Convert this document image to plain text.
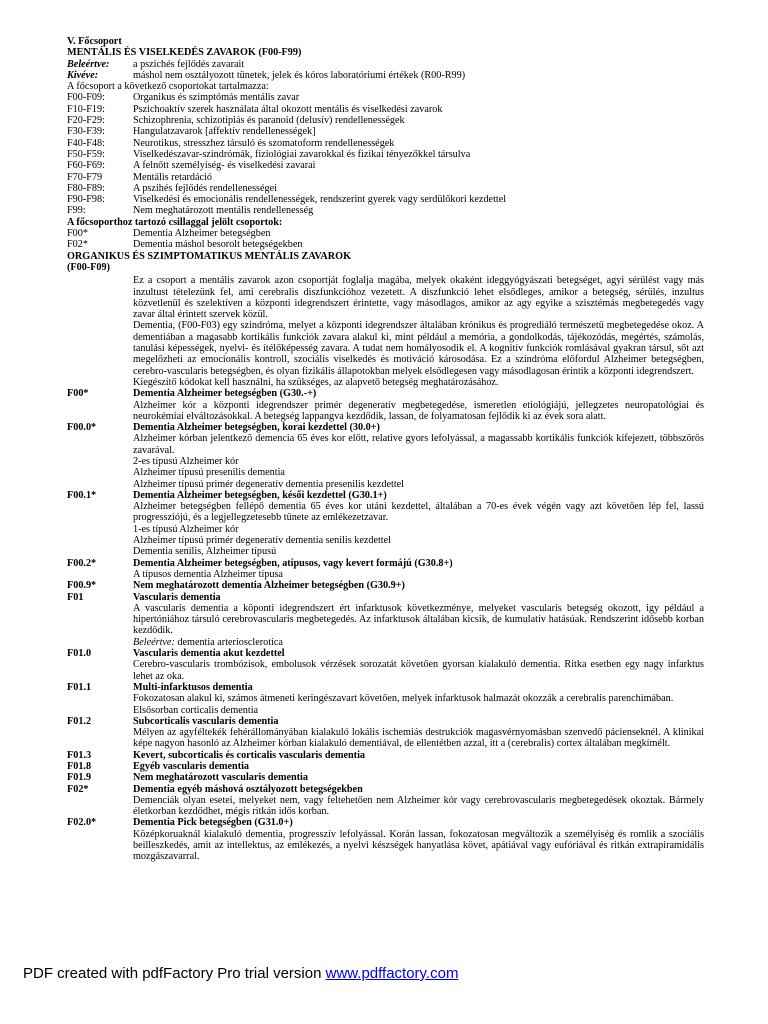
V. Főcsoport
MENTÁLIS ÉS VISELKEDÉS ZAVAROK (F00-F99)
Beleértve:	a pszichés fejlődés zavarait
Kivéve:	máshol nem osztályozott tünetek, jelek és kóros laboratóriumi értékek (R00-R99)
A főcsoport a következő csoportokat tartalmazza:
F00-F09:	Organikus és szimptómás mentális zavar
F10-F19:	Pszichoaktív szerek használata által okozott mentális és viselkedési zavarok
F20-F29:	Schizophrenia, schizotipiás és paranoid (delusív) rendellenességek
F30-F39:	Hangulatzavarok [affektív rendellenességek]
F40-F48:	Neurotikus, stresszhez társuló és szomatoform rendellenességek
F50-F59:	Viselkedészavar-szindrómák, fiziológiai zavarokkal és fizikai tényezőkkel társulva
F60-F69:	A felnőtt személyiség- és viselkedési zavarai
F70-F79	Mentális retardáció
F80-F89:	A pszihés fejlődés rendellenességei
F90-F98:	Viselkedési és emocionális rendellenességek, rendszerint gyerek vagy serdülőkori kezdettel
F99:	Nem meghatározott mentális rendellenesség
A főcsoporthoz tartozó csillaggal jelölt csoportok:
F00*	Dementia Alzheimer betegségben
F02*	Dementia máshol besorolt betegségekben
ORGANIKUS ÉS SZIMPTOMATIKUS MENTÁLIS ZAVAROK
(F00-F09)
Ez a csoport a mentális zavarok azon csoportját foglalja magába, melyek okaként ideggyógyászati betegséget, agyi sérülést vagy más inzultust tételezünk fel, ami cerebralis diszfunkcióhoz vezetett. A diszfunkció lehet elsődleges, amikor a betegség, sérülés, inzultus közvetlenül és szelektíven a központi idegrendszert érintette, vagy másodlagos, amikor az agy egyike a szisztémás megbetegedés vagy zavar által érintett szervek közül.
Dementia, (F00-F03) egy szindróma, melyet a központi idegrendszer általában krónikus és progrediáló természetű megbetegedése okoz. A dementiában a magasabb kortikális funkciók zavara alakul ki, mint például a memória, a gondolkodás, tájékozódás, megértés, számolás, tanulási képességek, nyelvi- és ítélőképesség zavara. A tudat nem homályosodik el. A kognitív funkciók romlásával gyakran társul, sőt azt megelőzheti az emocionális kontroll, szociális viselkedés és motiváció károsodása. Ez a szindróma előfordul Alzheimer betegségben, cerebro-vascularis betegségben, és olyan fizikális állapotokban melyek elsődlegesen vagy másodlagosan érintik a központi idegrendszert.
Kiegészítő kódokat kell használni, ha szükséges, az alapvető betegség meghatározásához.
F00*	Dementia Alzheimer betegségben (G30.-+)
Alzheimer kór a központi idegrendszer primér degeneratív megbetegedése, ismeretlen etiológiájú, jellegzetes neuropatológiai és neurokémiai elváltozásokkal. A betegség lappangva kezdődik, lassan, de folyamatosan fejlődik ki az évek sora alatt.
F00.0*	Dementia Alzheimer betegségben, korai kezdettel (30.0+)
Alzheimer kórban jelentkező demencia 65 éves kor előtt, relative gyors lefolyással, a magassabb kortikális funkciók kifejezett, többszörös zavarával.
2-es típusú Alzheimer kór
Alzheimer típusú presenilis dementia
Alzheimer típusú primér degeneratív dementia presenilis kezdettel
F00.1*	Dementia Alzheimer betegségben, késői kezdettel (G30.1+)
Alzheimer betegségben fellépő dementia 65 éves kor utáni kezdettel, általában a 70-es évek végén vagy azt követően lép fel, lassú progressziójú, és a legjellegzetesebb tünete az emlékezetzavar.
1-es típusú Alzheimer kór
Alzheimer típusú primér degeneratív dementia senilis kezdettel
Dementia senilis, Alzheimer típusú
F00.2*	Dementia Alzheimer betegségben, atípusos, vagy kevert formájú (G30.8+)
A típusos dementia Alzheimer típusa
F00.9*	Nem meghatározott dementia Alzheimer betegségben (G30.9+)
F01	Vascularis dementia
A vascularis dementia a köponti idegrendszert ért infarktusok következménye, melyeket vascularis betegség okozott, igy például a hipertóniához társuló cerebrovascularis megbetegedés. Az infarktusok általában kicsik, de kumulatív hatásúak. Rendszerint idősebb korban kezdődik.
Beleértve: dementia arteriosclerotica
F01.0	Vascularis dementia akut kezdettel
Cerebro-vascularis trombózisok, embolusok vérzések sorozatát követően gyorsan kialakuló dementia. Ritka esetben egy nagy infarktus lehet az oka.
F01.1	Multi-infarktusos dementia
Fokozatosan alakul ki, számos átmeneti keringészavart követően, melyek infarktusok halmazát okozzák a cerebralis parenchimában.
Elsősorban corticalis dementia
F01.2	Subcorticalis vascularis dementia
Mélyen az agyféltekék fehérállományában kialakuló lokális ischemiás destrukciók magasvérnyomásban szenvedő pácienseknél. A klinikai képe nagyon hasonló az Alzheimer kórban kialakuló dementiával, de ellentétben azzal, itt a (cerebralis) cortex általában megkímélt.
F01.3	Kevert, subcorticalis és corticalis vascularis dementia
F01.8	Egyéb vascularis dementia
F01.9	Nem meghatározott vascularis dementia
F02*	Dementia egyéb máshová osztályozott betegségekben
Demenciák olyan esetei, melyeket nem, vagy feltehetően nem Alzheimer kór vagy cerebrovascularis megbetegedések okoztak. Bármely életkorban kezdődhet, mégis ritkán idős korban.
F02.0*	Dementia Pick betegségben (G31.0+)
Középkoruaknál kialakuló dementia, progresszív lefolyással. Korán lassan, fokozatosan megváltozik a személyiség és romlik a szociális beilleszkedés, amit az intellektus, az emlékezés, a nyelvi készségek hanyatlása követ, apátiával vagy eufóriával és ritkán extrapiramidális mozgászavarral.
PDF created with pdfFactory Pro trial version www.pdffactory.com
